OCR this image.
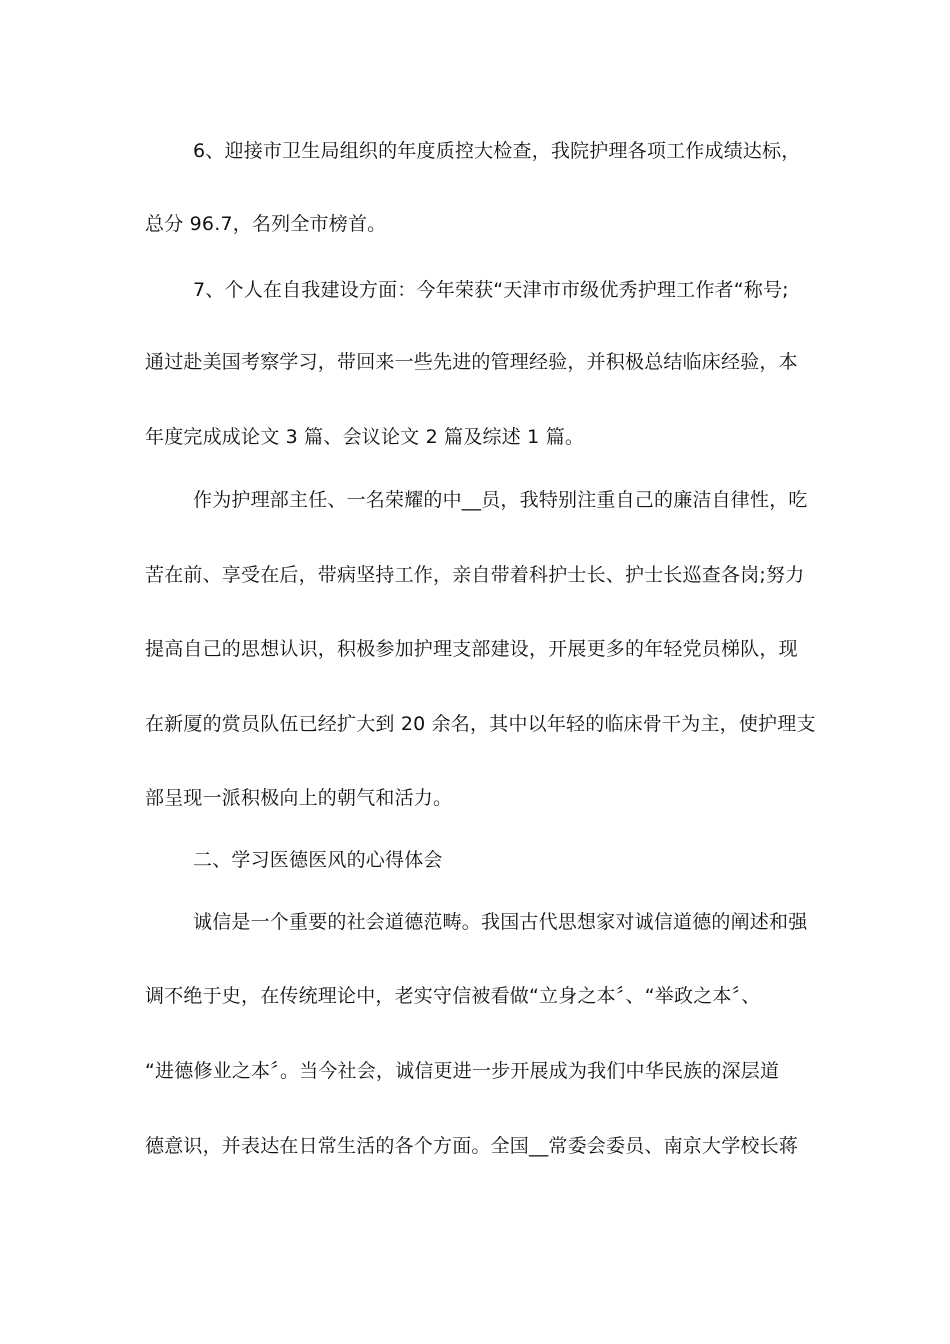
6、迎接市卫生局组织的年度质控大检查，我院护理各项工作成绩达标，
总分 96.7，名列全市榜首。
7、个人在自我建设方面：今年荣获“天津市市级优秀护理工作者“称号;
通过赴美国考察学习，带回来一些先进的管理经验，并积极总结临床经验，本
年度完成成论文 3 篇、会议论文 2 篇及综述 1 篇。
作为护理部主任、一名荣耀的中__员，我特别注重自己的廉洁自律性，吃
苦在前、享受在后，带病坚持工作，亲自带着科护士长、护士长巡查各岗;努力
提高自己的思想认识，积极参加护理支部建设，开展更多的年轻党员梯队，现
在新厦的赏员队伍已经扩大到 20 余名，其中以年轻的临床骨干为主，使护理支
部呈现一派积极向上的朝气和活力。
二、学习医德医风的心得体会
诚信是一个重要的社会道德范畴。我国古代思想家对诚信道德的阐述和强
调不绝于史，在传统理论中，老实守信被看做“立身之本〞、“举政之本〞、
“进德修业之本〞。当今社会，诚信更进一步开展成为我们中华民族的深层道
德意识，并表达在日常生活的各个方面。全国__常委会委员、南京大学校长蒋
